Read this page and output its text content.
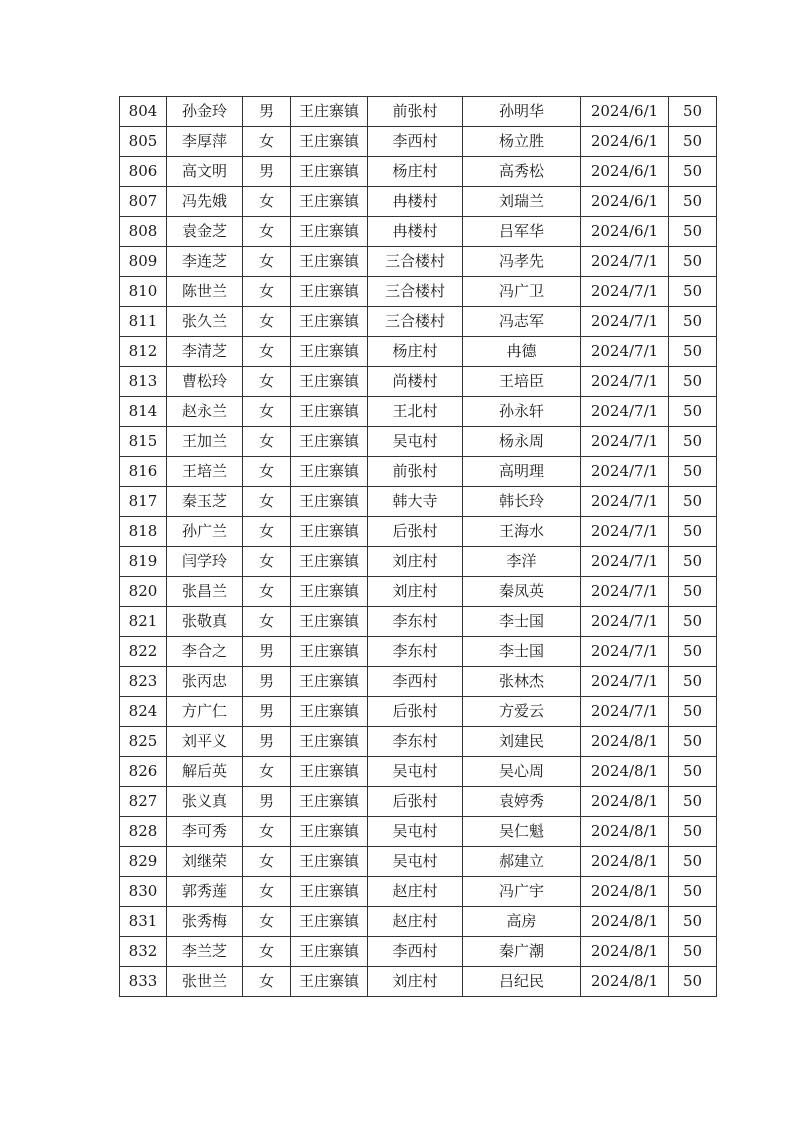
804	孙金玲	男	王庄寨镇	前张村	孙明华	2024/6/1	50
805	李厚萍	女	王庄寨镇	李西村	杨立胜	2024/6/1	50
806	高文明	男	王庄寨镇	杨庄村	高秀松	2024/6/1	50
807	冯先娥	女	王庄寨镇	冉楼村	刘瑞兰	2024/6/1	50
808	袁金芝	女	王庄寨镇	冉楼村	吕军华	2024/6/1	50
809	李连芝	女	王庄寨镇	三合楼村	冯孝先	2024/7/1	50
810	陈世兰	女	王庄寨镇	三合楼村	冯广卫	2024/7/1	50
811	张久兰	女	王庄寨镇	三合楼村	冯志军	2024/7/1	50
812	李清芝	女	王庄寨镇	杨庄村	冉德	2024/7/1	50
813	曹松玲	女	王庄寨镇	尚楼村	王培臣	2024/7/1	50
814	赵永兰	女	王庄寨镇	王北村	孙永轩	2024/7/1	50
815	王加兰	女	王庄寨镇	吴屯村	杨永周	2024/7/1	50
816	王培兰	女	王庄寨镇	前张村	高明理	2024/7/1	50
817	秦玉芝	女	王庄寨镇	韩大寺	韩长玲	2024/7/1	50
818	孙广兰	女	王庄寨镇	后张村	王海水	2024/7/1	50
819	闫学玲	女	王庄寨镇	刘庄村	李洋	2024/7/1	50
820	张昌兰	女	王庄寨镇	刘庄村	秦凤英	2024/7/1	50
821	张敬真	女	王庄寨镇	李东村	李士国	2024/7/1	50
822	李合之	男	王庄寨镇	李东村	李士国	2024/7/1	50
823	张丙忠	男	王庄寨镇	李西村	张林杰	2024/7/1	50
824	方广仁	男	王庄寨镇	后张村	方爱云	2024/7/1	50
825	刘平义	男	王庄寨镇	李东村	刘建民	2024/8/1	50
826	解后英	女	王庄寨镇	吴屯村	吴心周	2024/8/1	50
827	张义真	男	王庄寨镇	后张村	袁婷秀	2024/8/1	50
828	李可秀	女	王庄寨镇	吴屯村	吴仁魁	2024/8/1	50
829	刘继荣	女	王庄寨镇	吴屯村	郝建立	2024/8/1	50
830	郭秀莲	女	王庄寨镇	赵庄村	冯广宇	2024/8/1	50
831	张秀梅	女	王庄寨镇	赵庄村	高房	2024/8/1	50
832	李兰芝	女	王庄寨镇	李西村	秦广潮	2024/8/1	50
833	张世兰	女	王庄寨镇	刘庄村	吕纪民	2024/8/1	50
